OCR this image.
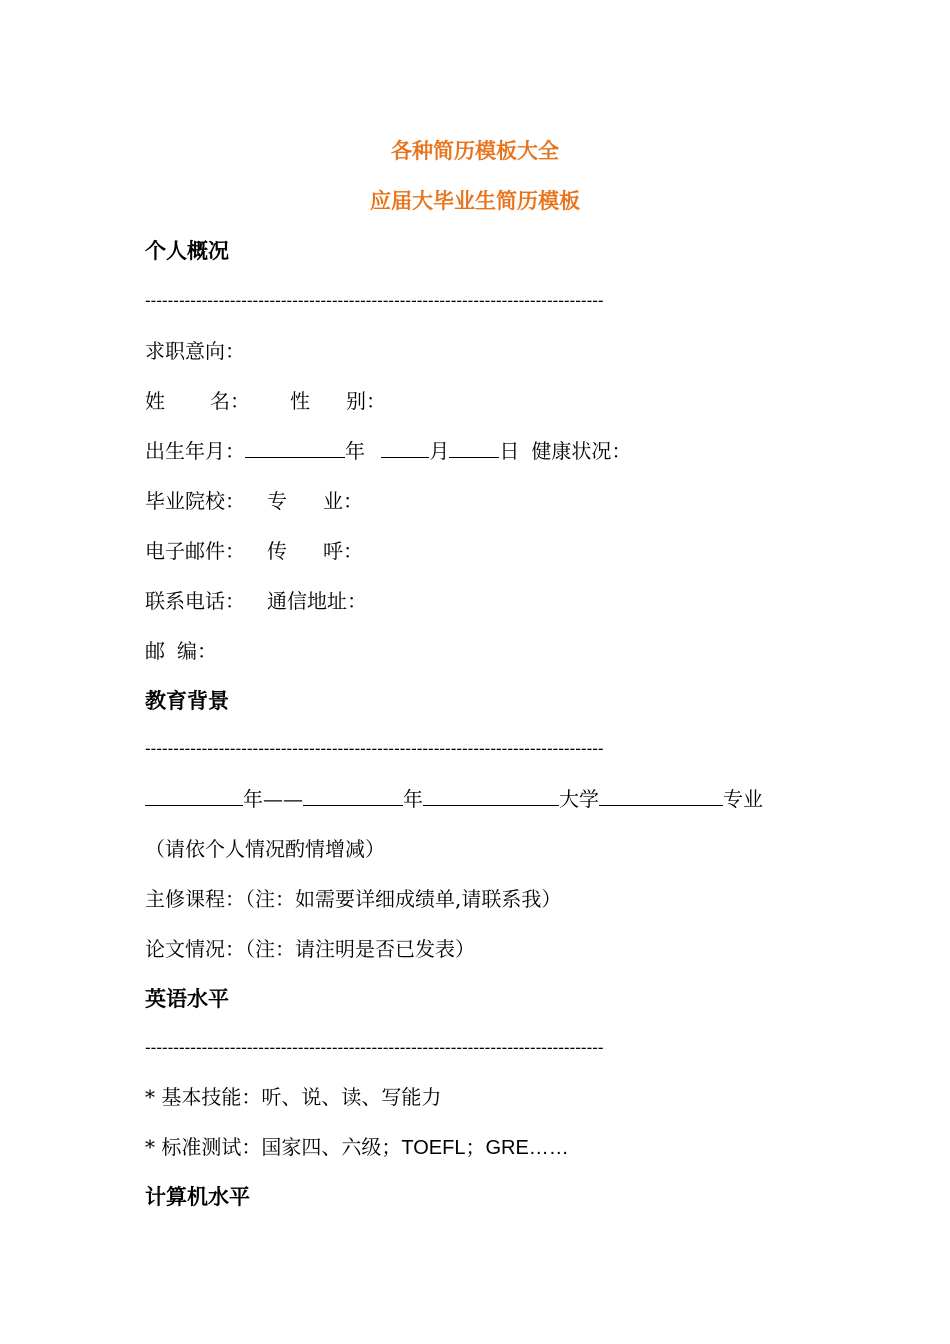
各种简历模板大全
应届大毕业生简历模板
个人概况
---------------------------------------------------------------------------------
求职意向：
姓 名： 性 别：
出生年月：	年	月	日 健康状况：
毕业院校： 专 业：
电子邮件： 传 呼：
联系电话： 通信地址：
邮 编：
教育背景
---------------------------------------------------------------------------------
年——	年	大学	专业
（请依个人情况酌情增减）
主修课程：（注：如需要详细成绩单,请联系我）
论文情况：（注：请注明是否已发表）
英语水平
---------------------------------------------------------------------------------
* 基本技能：听、说、读、写能力
* 标准测试：国家四、六级；TOEFL；GRE……
计算机水平
